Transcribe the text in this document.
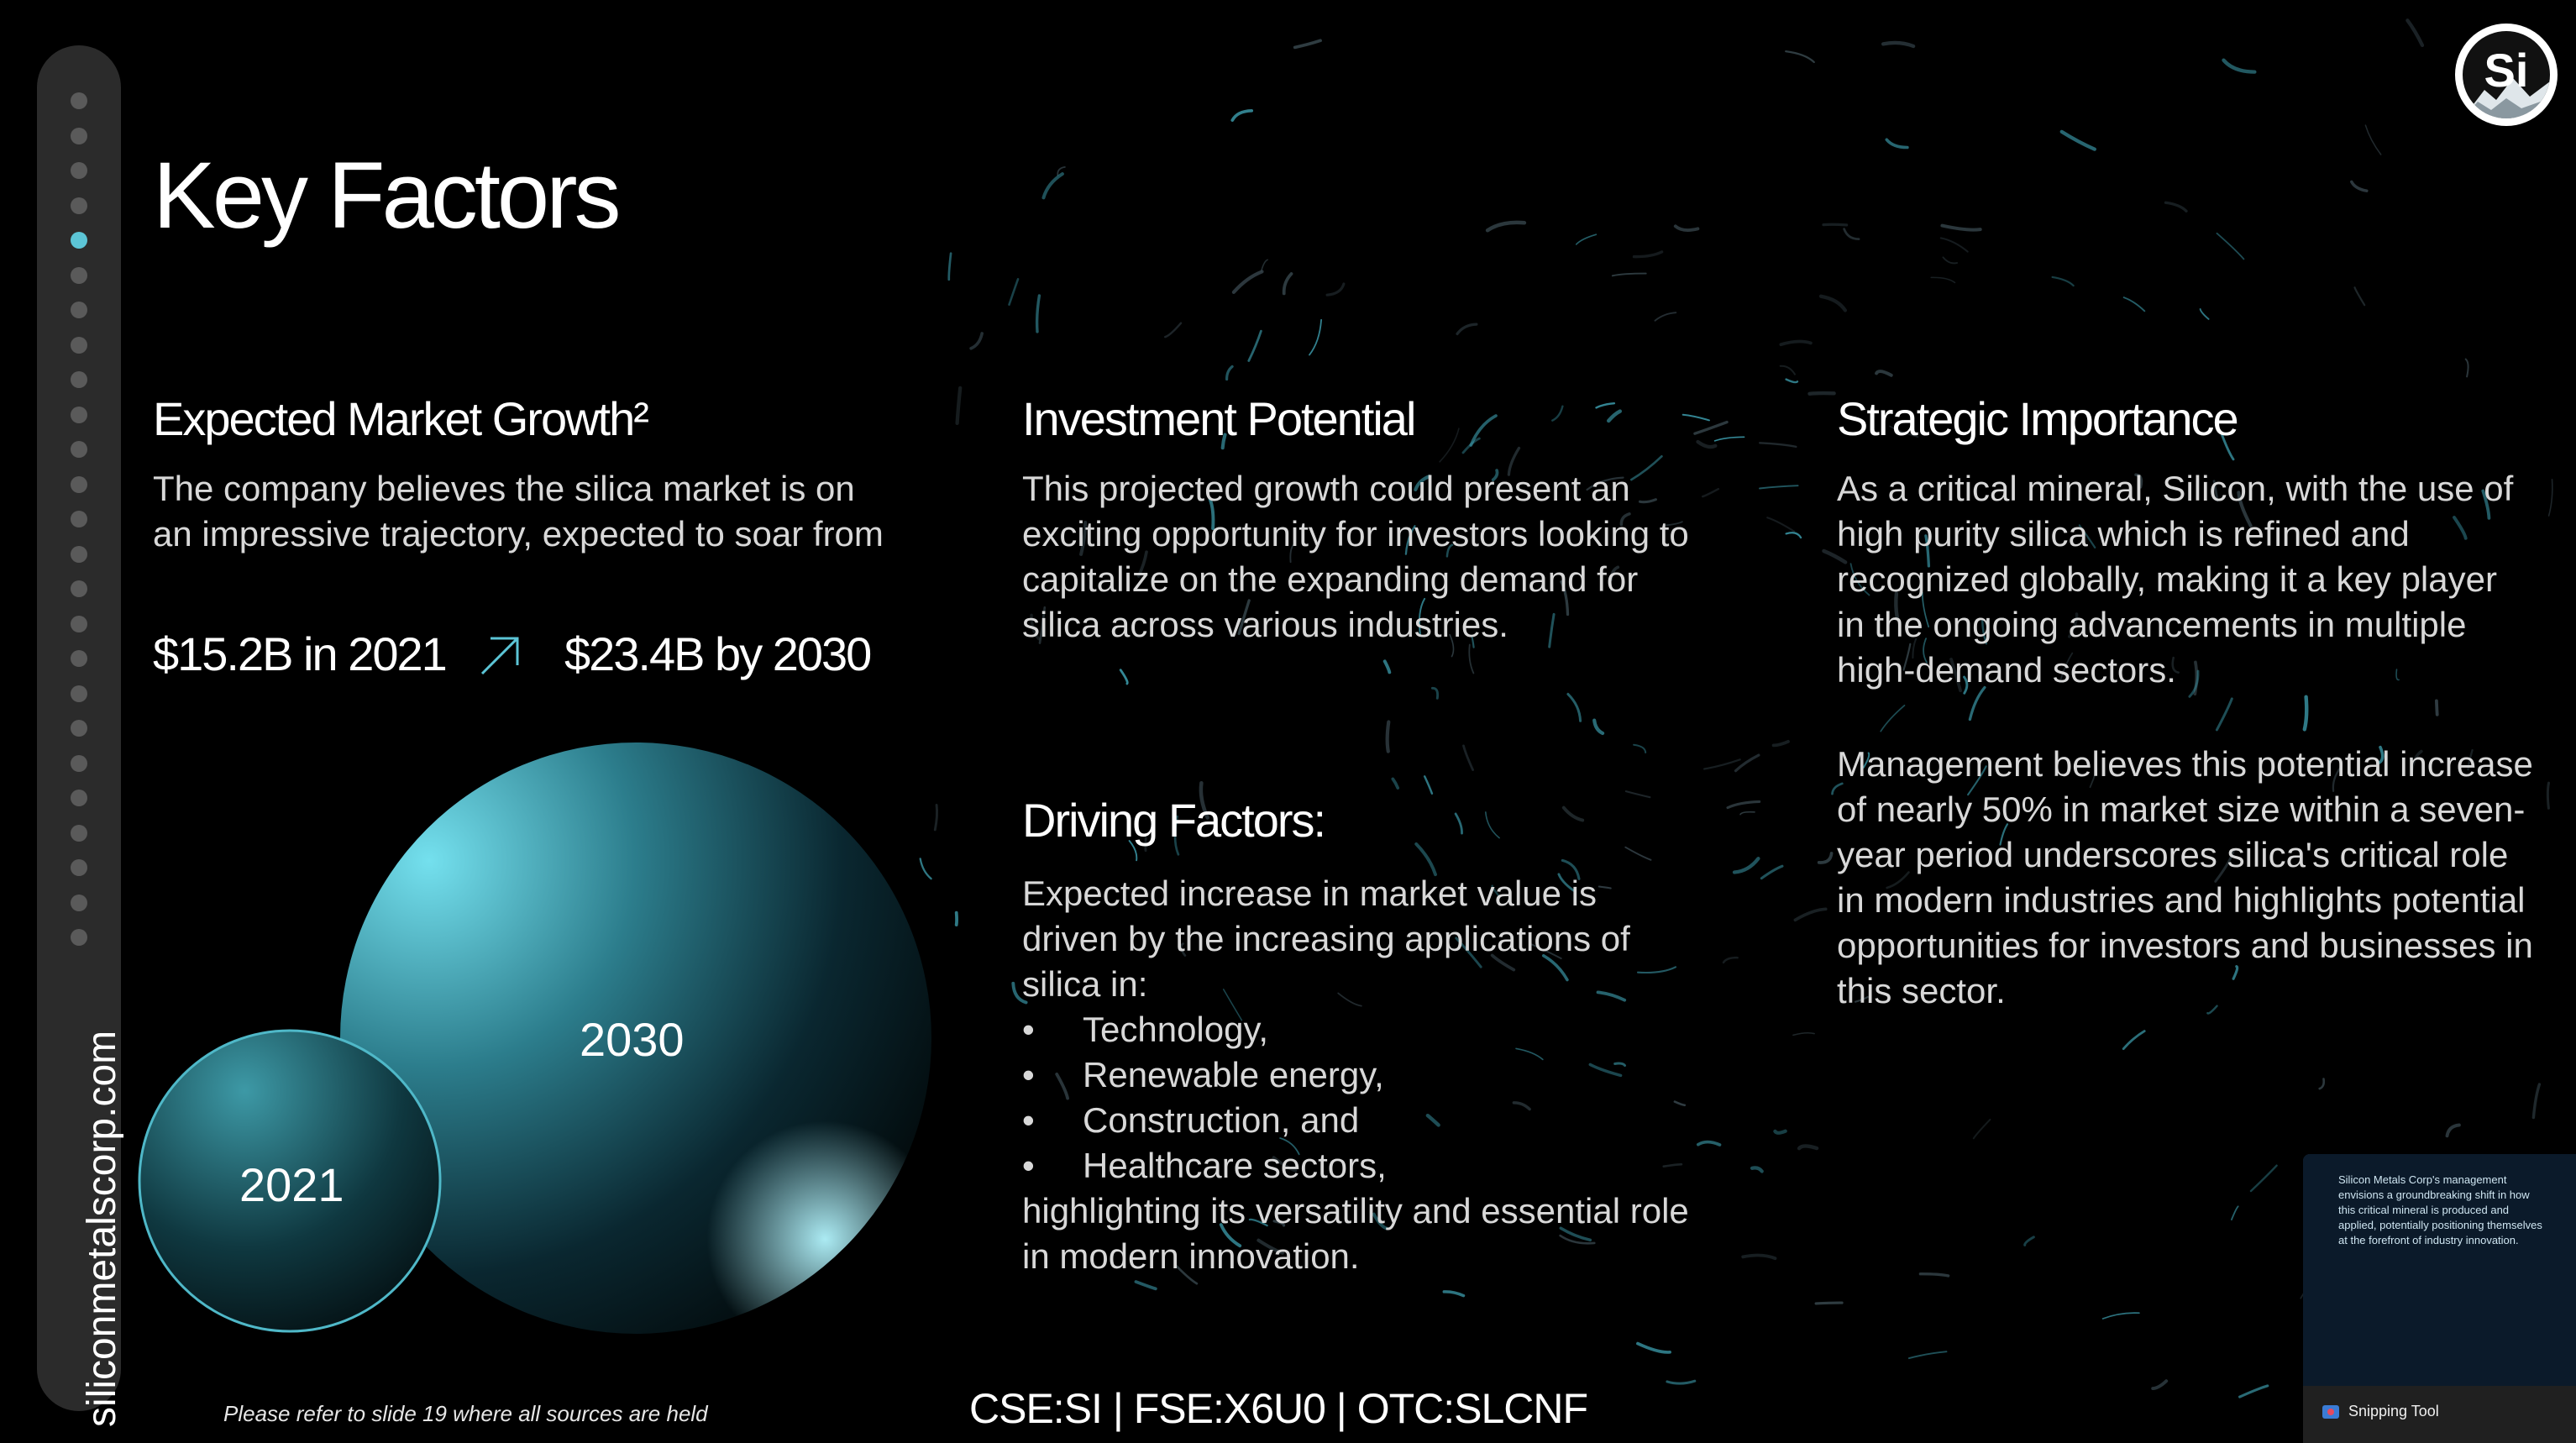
siliconmetalscorp.com
Si
Key Factors
Expected Market Growth²

The company believes the silica market is on an impressive trajectory, expected to soar from

$15.2B in 2021	$23.4B by 2030
2030
2021
Investment Potential

This projected growth could present an exciting opportunity for investors looking to capitalize on the expanding demand for silica across various industries.

Driving Factors:

Expected increase in market value is driven by the increasing applications of silica in:

• Technology,
• Renewable energy,
• Construction, and
• Healthcare sectors,

highlighting its versatility and essential role in modern innovation.

Strategic Importance

As a critical mineral, Silicon, with the use of high purity silica which is refined and recognized globally, making it a key player in the ongoing advancements in multiple high-demand sectors.

Management believes this potential increase of nearly 50% in market size within a seven-year period underscores silica's critical role in modern industries and highlights potential opportunities for investors and businesses in this sector.

Please refer to slide 19 where all sources are held	CSE:SI | FSE:X6U0 | OTC:SLCNF
Silicon Metals Corp's management
envisions a groundbreaking shift in how
this critical mineral is produced and
applied, potentially positioning themselves
at the forefront of industry innovation.
Snipping Tool
